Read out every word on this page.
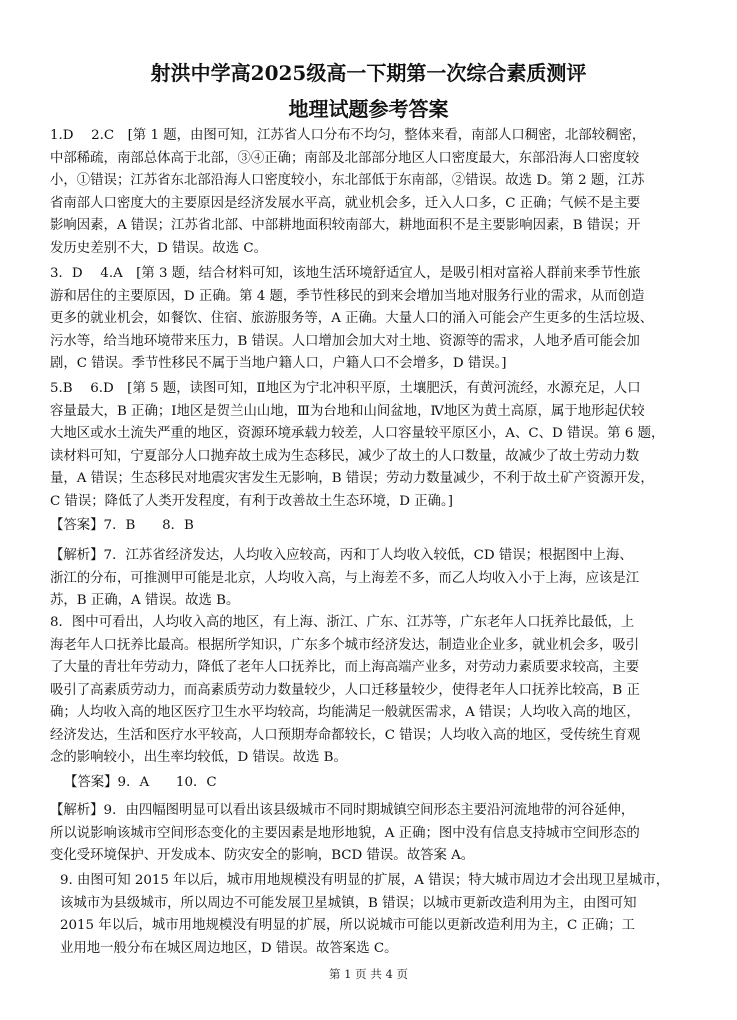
射洪中学高2025级高一下期第一次综合素质测评
地理试题参考答案

1.D　 2.C　[第 1 题，由图可知，江苏省人口分布不均匀，整体来看，南部人口稠密，北部较稠密，
中部稀疏，南部总体高于北部，③④正确；南部及北部部分地区人口密度最大，东部沿海人口密度较
小，①错误；江苏省东北部沿海人口密度较小，东北部低于东南部，②错误。故选 D。第 2 题，江苏
省南部人口密度大的主要原因是经济发展水平高，就业机会多，迁入人口多，C 正确；气候不是主要
影响因素，A 错误；江苏省北部、中部耕地面积较南部大，耕地面积不是主要影响因素，B 错误；开
发历史差别不大，D 错误。故选 C。

3．D　 4.A　[第 3 题，结合材料可知，该地生活环境舒适宜人，是吸引相对富裕人群前来季节性旅
游和居住的主要原因，D 正确。第 4 题，季节性移民的到来会增加当地对服务行业的需求，从而创造
更多的就业机会，如餐饮、住宿、旅游服务等，A 正确。大量人口的涌入可能会产生更多的生活垃圾、
污水等，给当地环境带来压力，B 错误。人口增加会加大对土地、资源等的需求，人地矛盾可能会加
剧，C 错误。季节性移民不属于当地户籍人口，户籍人口不会增多，D 错误。]

5.B　 6.D　[第 5 题，读图可知，Ⅱ地区为宁北冲积平原，土壤肥沃，有黄河流经，水源充足，人口
容量最大，B 正确；Ⅰ地区是贺兰山山地，Ⅲ为台地和山间盆地，Ⅳ地区为黄土高原，属于地形起伏较
大地区或水土流失严重的地区，资源环境承载力较差，人口容量较平原区小，A、C、D 错误。第 6 题，
读材料可知，宁夏部分人口抛弃故土成为生态移民，减少了故土的人口数量，故减少了故土劳动力数
量，A 错误；生态移民对地震灾害发生无影响，B 错误；劳动力数量减少，不利于故土矿产资源开发，
C 错误；降低了人类开发程度，有利于改善故土生态环境，D 正确。]

【答案】7．B　　8．B

【解析】7．江苏省经济发达，人均收入应较高，丙和丁人均收入较低，CD 错误；根据图中上海、
浙江的分布，可推测甲可能是北京，人均收入高，与上海差不多，而乙人均收入小于上海，应该是江
苏，B 正确，A 错误。故选 B。

8．图中可看出，人均收入高的地区，有上海、浙江、广东、江苏等，广东老年人口抚养比最低，上
海老年人口抚养比最高。根据所学知识，广东多个城市经济发达，制造业企业多，就业机会多，吸引
了大量的青壮年劳动力，降低了老年人口抚养比，而上海高端产业多，对劳动力素质要求较高，主要
吸引了高素质劳动力，而高素质劳动力数量较少，人口迁移量较少，使得老年人口抚养比较高，B 正
确；人均收入高的地区医疗卫生水平均较高，均能满足一般就医需求，A 错误；人均收入高的地区，
经济发达，生活和医疗水平较高，人口预期寿命都较长，C 错误；人均收入高的地区，受传统生育观
念的影响较小，出生率均较低，D 错误。故选 B。

【答案】9．A　　10．C

【解析】9．由四幅图明显可以看出该县级城市不同时期城镇空间形态主要沿河流地带的河谷延伸，
所以说影响该城市空间形态变化的主要因素是地形地貌，A 正确；图中没有信息支持城市空间形态的
变化受环境保护、开发成本、防灾安全的影响，BCD 错误。故答案 A。

9. 由图可知 2015 年以后，城市用地规模没有明显的扩展，A 错误；特大城市周边才会出现卫星城市，
该城市为县级城市，所以周边不可能发展卫星城镇，B 错误；以城市更新改造利用为主，由图可知
2015 年以后，城市用地规模没有明显的扩展，所以说城市可能以更新改造利用为主，C 正确；工
业用地一般分布在城区周边地区，D 错误。故答案选 C。

第 1 页 共 4 页
